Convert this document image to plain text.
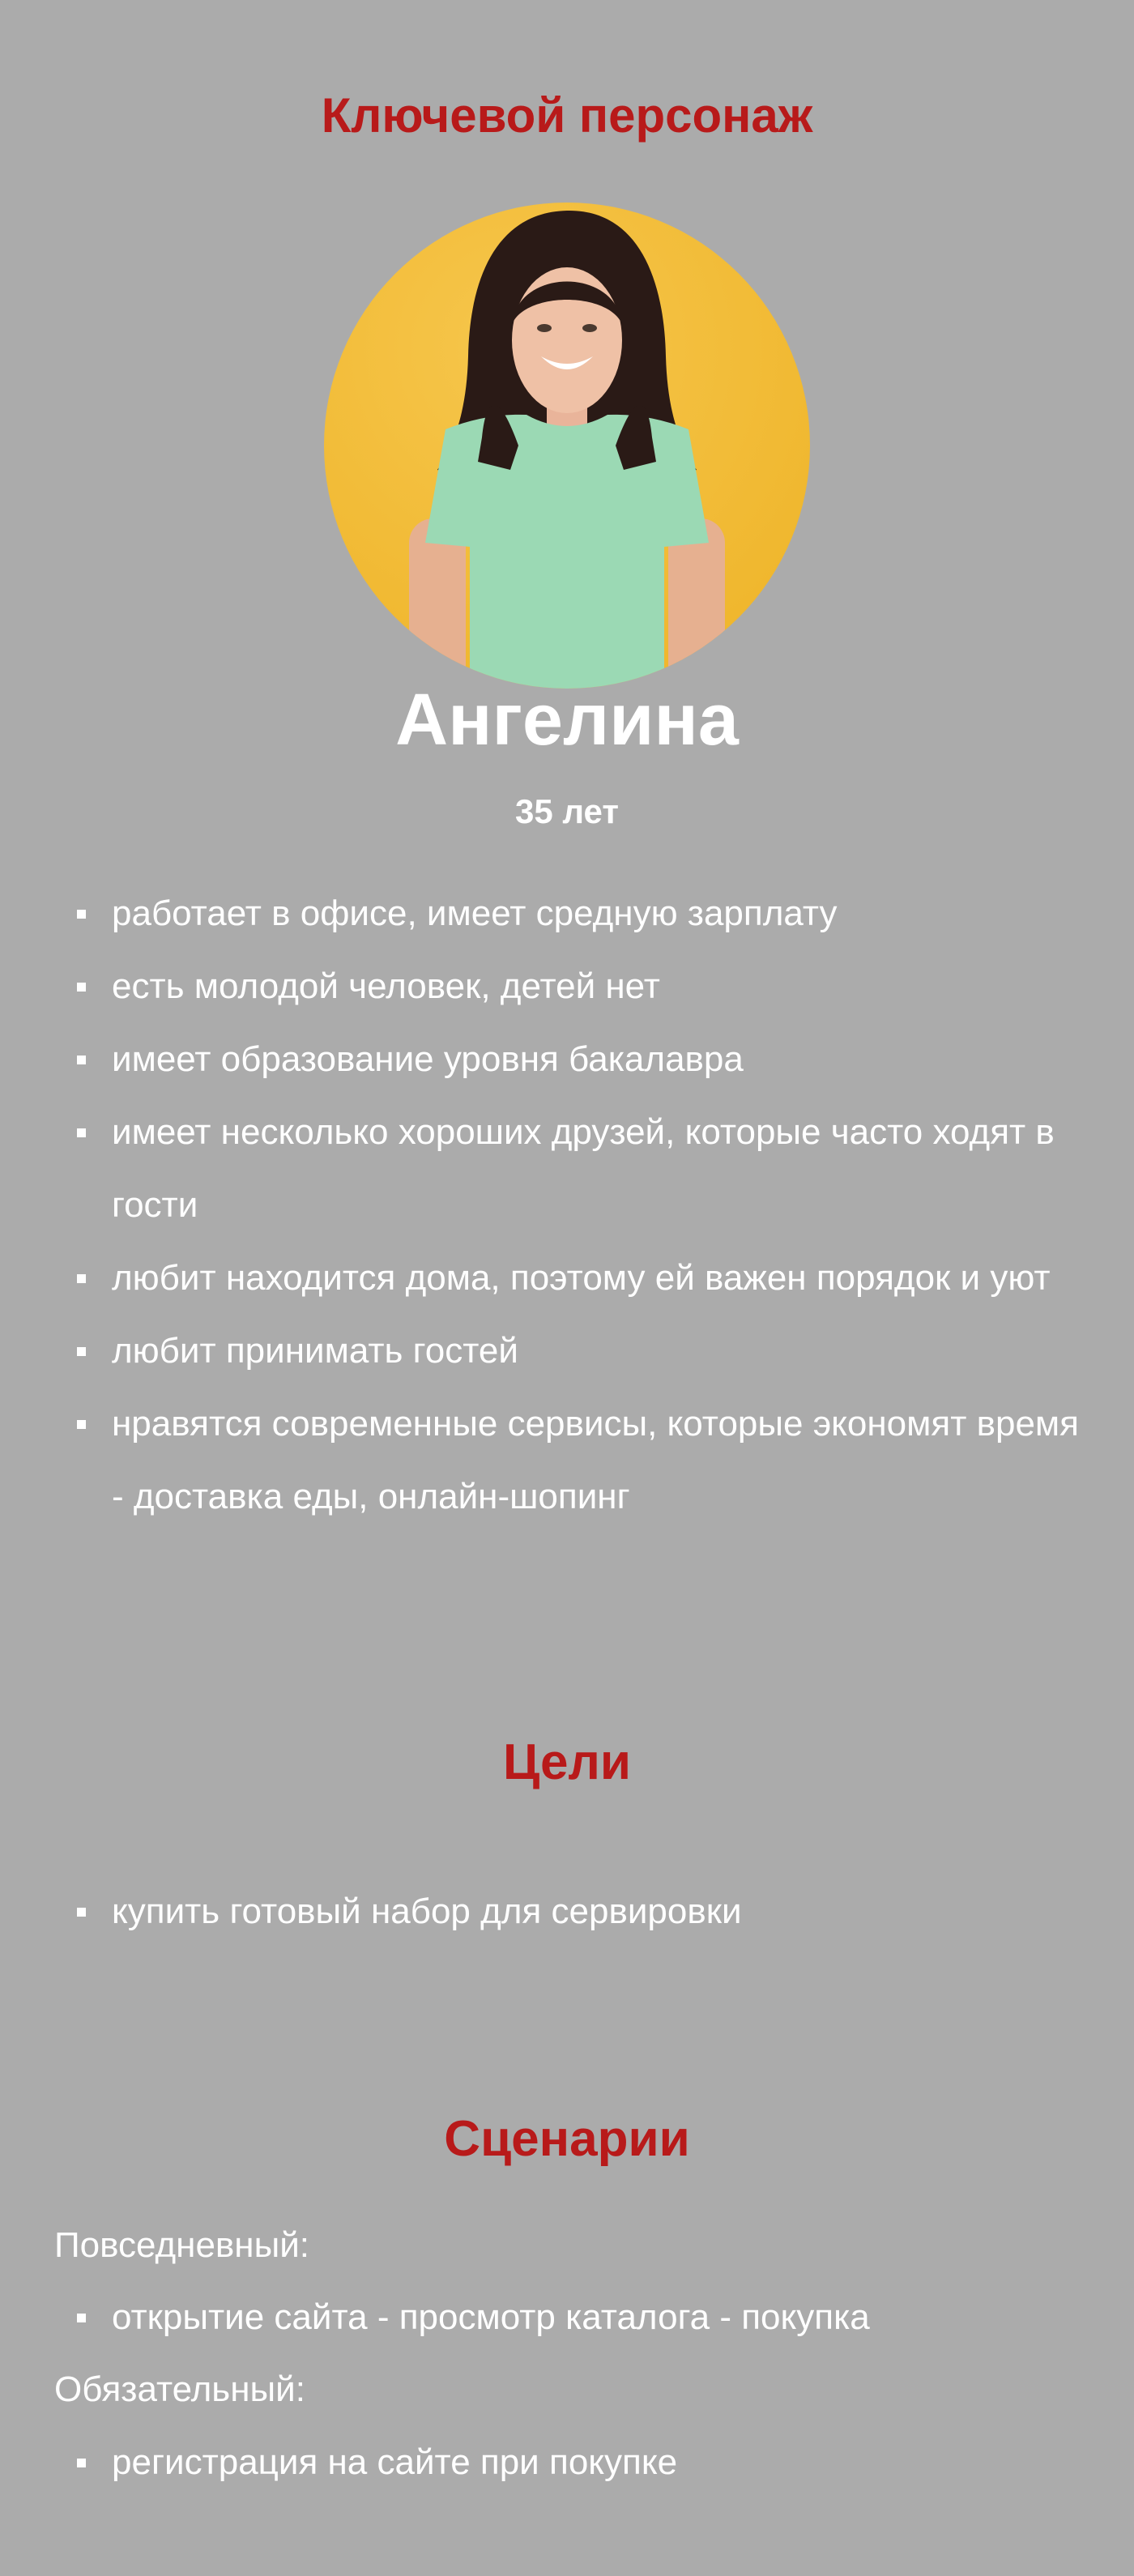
Ключевой персонаж
Ангелина
35 лет
работает в офисе, имеет средную зарплату
есть молодой человек, детей нет
имеет образование уровня бакалавра
имеет несколько хороших друзей, которые часто ходят в гости
любит находится дома, поэтому ей важен порядок и уют
любит принимать гостей
нравятся современные сервисы, которые экономят время - доставка еды, онлайн-шопинг
Цели
купить готовый набор для сервировки
Сценарии
Повседневный:
открытие сайта - просмотр каталога - покупка
Обязательный:
регистрация на сайте при покупке
